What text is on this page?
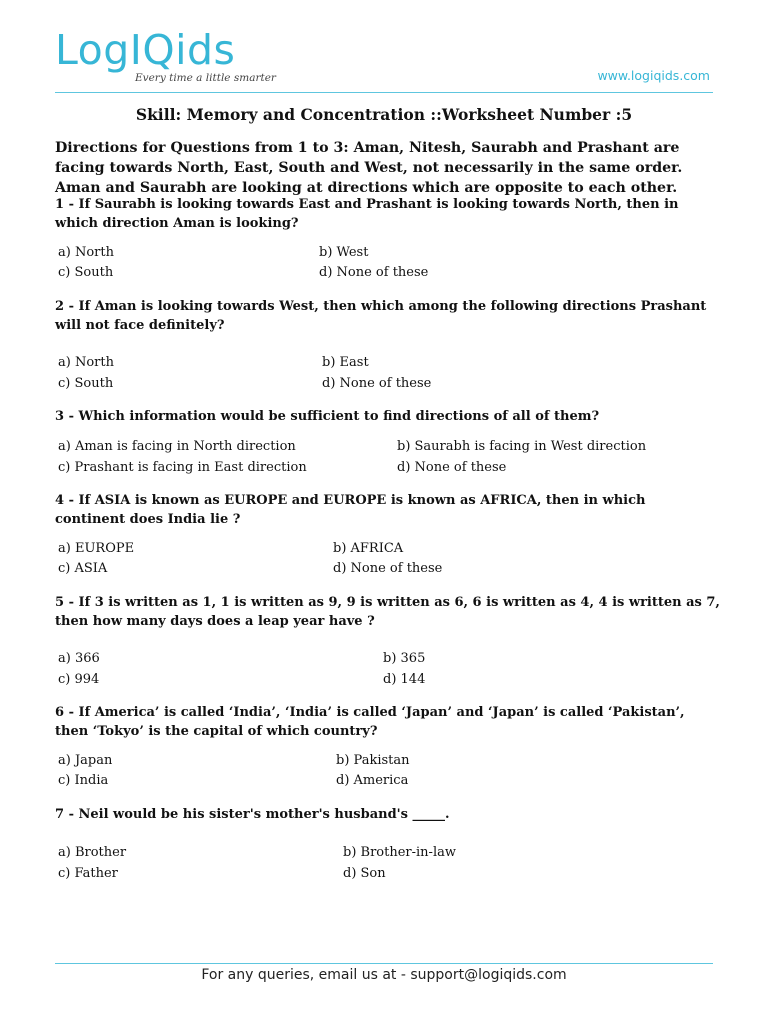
LogIQids
Every time a little smarter	www.logiqids.com
Skill: Memory and Concentration ::Worksheet Number :5
Directions for Questions from 1 to 3: Aman, Nitesh, Saurabh and Prashant are facing towards North, East, South and West, not necessarily in the same order. Aman and Saurabh are looking at directions which are opposite to each other.
1 - If Saurabh is looking towards East and Prashant is looking towards North, then in which direction Aman is looking?
a) North	b) West
c) South	d) None of these
2 - If Aman is looking towards West, then which among the following directions Prashant will not face definitely?
a) North	b) East
c) South	d) None of these
3 - Which information would be sufficient to find directions of all of them?
a) Aman is facing in North direction	b) Saurabh is facing in West direction
c) Prashant is facing in East direction	d) None of these
4 - If ASIA is known as EUROPE and EUROPE is known as AFRICA, then in which continent does India lie ?
a) EUROPE	b) AFRICA
c) ASIA	d) None of these
5 - If 3 is written as 1, 1 is written as 9, 9 is written as 6, 6 is written as 4, 4 is written as 7, then how many days does a leap year have ?
a) 366	b) 365
c) 994	d) 144
6 - If America’ is called ‘India’, ‘India’ is called ‘Japan’ and ‘Japan’ is called ‘Pakistan’, then ‘Tokyo’ is the capital of which country?
a) Japan	b) Pakistan
c) India	d) America
7 - Neil would be his sister's mother's husband's _____.
a) Brother	b) Brother-in-law
c) Father	d) Son
For any queries, email us at - support@logiqids.com
